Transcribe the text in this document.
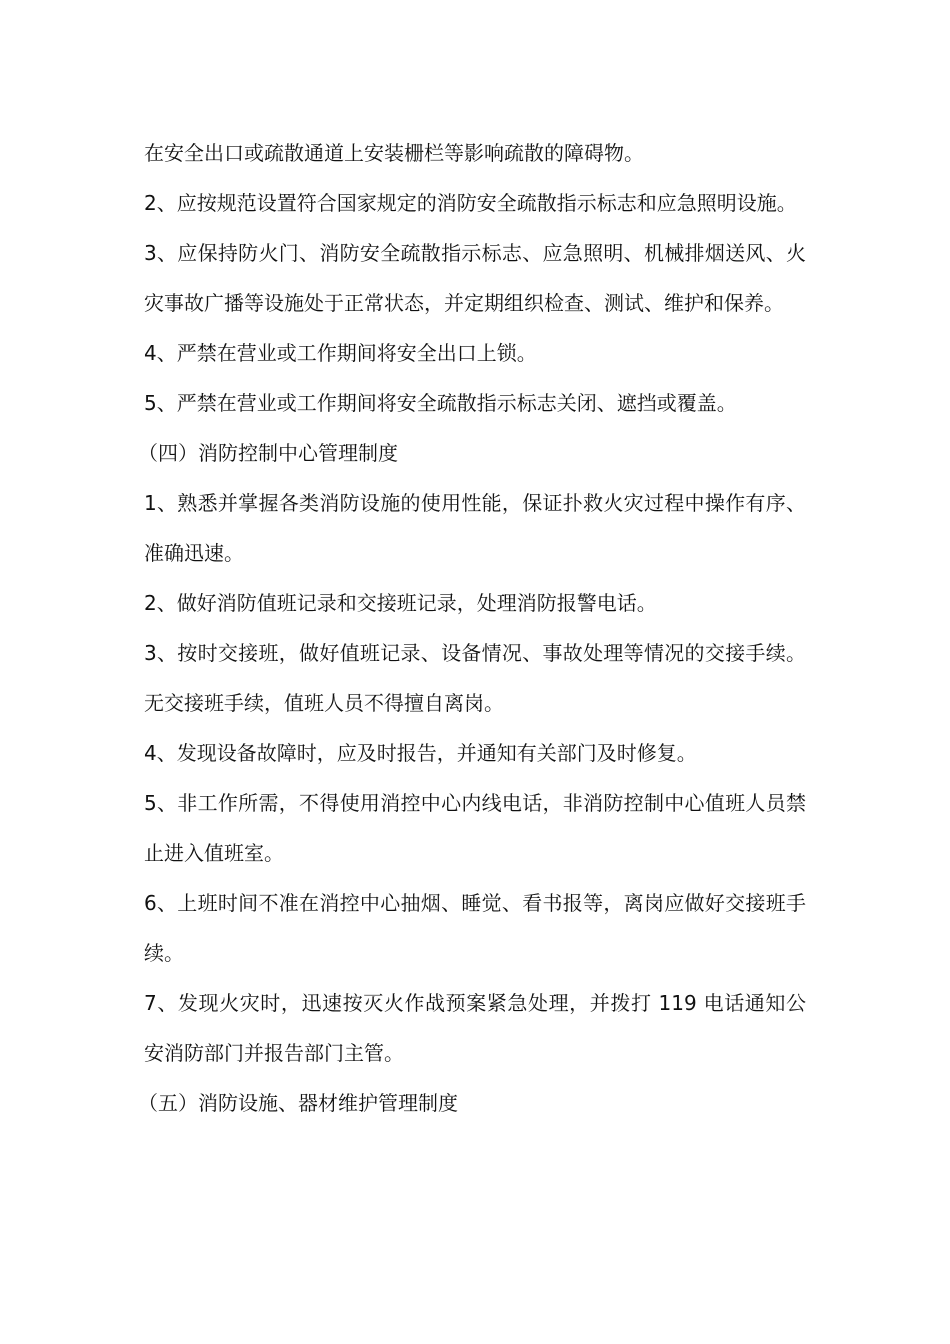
在安全出口或疏散通道上安装栅栏等影响疏散的障碍物。

2、应按规范设置符合国家规定的消防安全疏散指示标志和应急照明设施。

3、应保持防火门、消防安全疏散指示标志、应急照明、机械排烟送风、火灾事故广播等设施处于正常状态，并定期组织检查、测试、维护和保养。

4、严禁在营业或工作期间将安全出口上锁。

5、严禁在营业或工作期间将安全疏散指示标志关闭、遮挡或覆盖。

（四）消防控制中心管理制度

1、熟悉并掌握各类消防设施的使用性能，保证扑救火灾过程中操作有序、准确迅速。

2、做好消防值班记录和交接班记录，处理消防报警电话。

3、按时交接班，做好值班记录、设备情况、事故处理等情况的交接手续。无交接班手续，值班人员不得擅自离岗。

4、发现设备故障时，应及时报告，并通知有关部门及时修复。

5、非工作所需，不得使用消控中心内线电话，非消防控制中心值班人员禁止进入值班室。

6、上班时间不准在消控中心抽烟、睡觉、看书报等，离岗应做好交接班手续。

7、发现火灾时，迅速按灭火作战预案紧急处理，并拨打 119 电话通知公安消防部门并报告部门主管。

（五）消防设施、器材维护管理制度
